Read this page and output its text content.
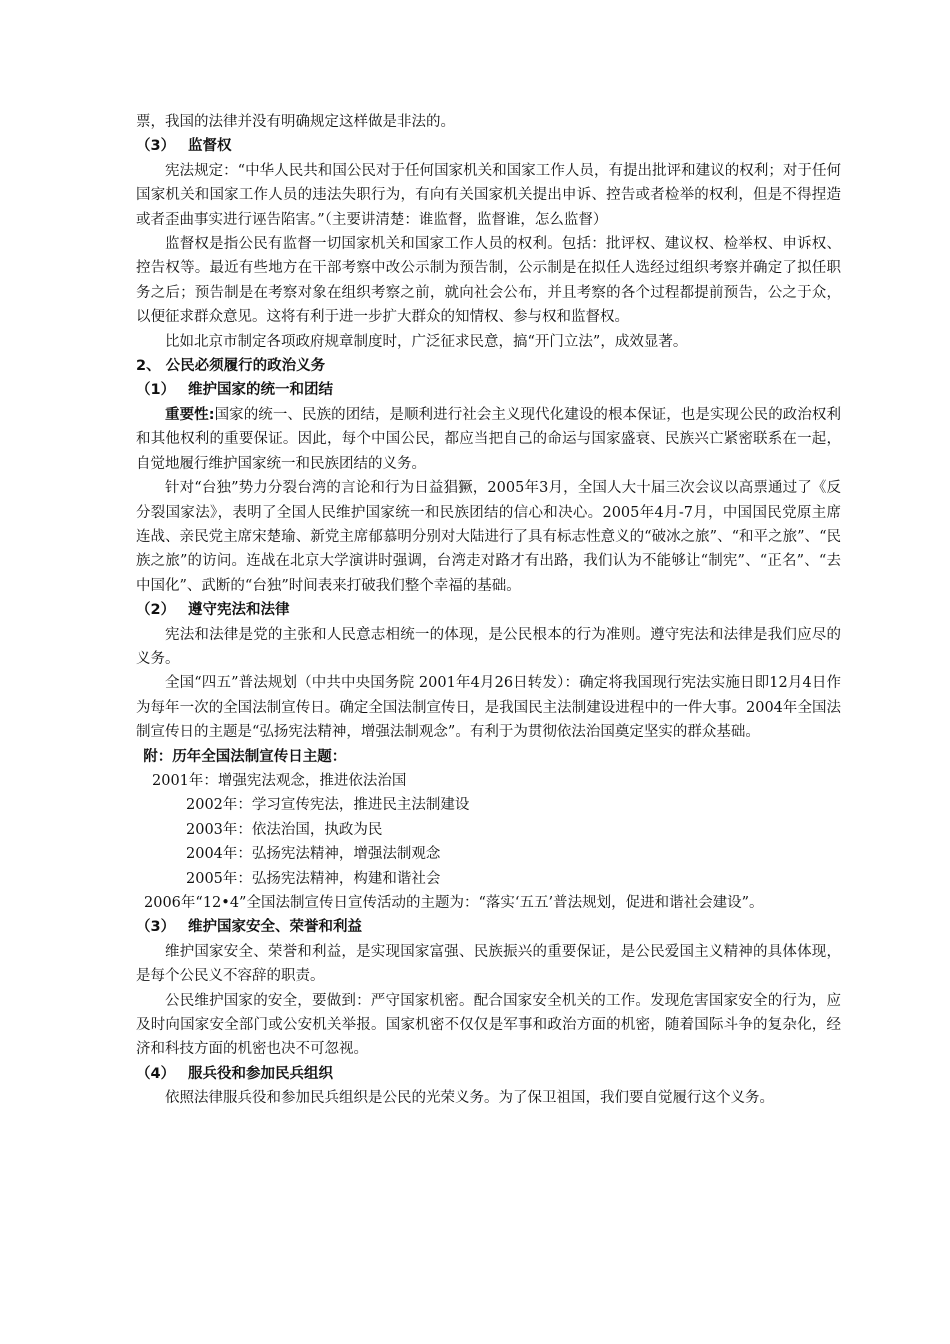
票，我国的法律并没有明确规定这样做是非法的。

（3） 监督权

宪法规定：“中华人民共和国公民对于任何国家机关和国家工作人员，有提出批评和建议的权利；对于任何国家机关和国家工作人员的违法失职行为，有向有关国家机关提出申诉、控告或者检举的权利，但是不得捏造或者歪曲事实进行诬告陷害。”（主要讲清楚：谁监督，监督谁，怎么监督）

监督权是指公民有监督一切国家机关和国家工作人员的权利。包括：批评权、建议权、检举权、申诉权、控告权等。最近有些地方在干部考察中改公示制为预告制，公示制是在拟任人选经过组织考察并确定了拟任职务之后；预告制是在考察对象在组织考察之前，就向社会公布，并且考察的各个过程都提前预告，公之于众，以便征求群众意见。这将有利于进一步扩大群众的知情权、参与权和监督权。

比如北京市制定各项政府规章制度时，广泛征求民意，搞“开门立法”，成效显著。

2、 公民必须履行的政治义务

（1） 维护国家的统一和团结

重要性:国家的统一、民族的团结，是顺利进行社会主义现代化建设的根本保证，也是实现公民的政治权利和其他权利的重要保证。因此，每个中国公民，都应当把自己的命运与国家盛衰、民族兴亡紧密联系在一起，自觉地履行维护国家统一和民族团结的义务。

针对“台独”势力分裂台湾的言论和行为日益猖獗，2005年3月，全国人大十届三次会议以高票通过了《反分裂国家法》，表明了全国人民维护国家统一和民族团结的信心和决心。2005年4月-7月，中国国民党原主席连战、亲民党主席宋楚瑜、新党主席郁慕明分别对大陆进行了具有标志性意义的“破冰之旅”、“和平之旅”、“民族之旅”的访问。连战在北京大学演讲时强调，台湾走对路才有出路，我们认为不能够让“制宪”、“正名”、“去中国化”、武断的“台独”时间表来打破我们整个幸福的基础。

（2） 遵守宪法和法律

宪法和法律是党的主张和人民意志相统一的体现，是公民根本的行为准则。遵守宪法和法律是我们应尽的义务。

全国“四五”普法规划（中共中央国务院 2001年4月26日转发）：确定将我国现行宪法实施日即12月4日作为每年一次的全国法制宣传日。确定全国法制宣传日，是我国民主法制建设进程中的一件大事。2004年全国法制宣传日的主题是“弘扬宪法精神，增强法制观念”。有利于为贯彻依法治国奠定坚实的群众基础。

附：历年全国法制宣传日主题：

2001年：增强宪法观念，推进依法治国

2002年：学习宣传宪法，推进民主法制建设

2003年：依法治国，执政为民

2004年：弘扬宪法精神，增强法制观念

2005年：弘扬宪法精神，构建和谐社会

2006年“12•4”全国法制宣传日宣传活动的主题为：“落实‘五五’普法规划，促进和谐社会建设”。

（3） 维护国家安全、荣誉和利益

维护国家安全、荣誉和利益，是实现国家富强、民族振兴的重要保证，是公民爱国主义精神的具体体现，是每个公民义不容辞的职责。

公民维护国家的安全，要做到：严守国家机密。配合国家安全机关的工作。发现危害国家安全的行为，应及时向国家安全部门或公安机关举报。国家机密不仅仅是军事和政治方面的机密，随着国际斗争的复杂化，经济和科技方面的机密也决不可忽视。

（4） 服兵役和参加民兵组织

依照法律服兵役和参加民兵组织是公民的光荣义务。为了保卫祖国，我们要自觉履行这个义务。
